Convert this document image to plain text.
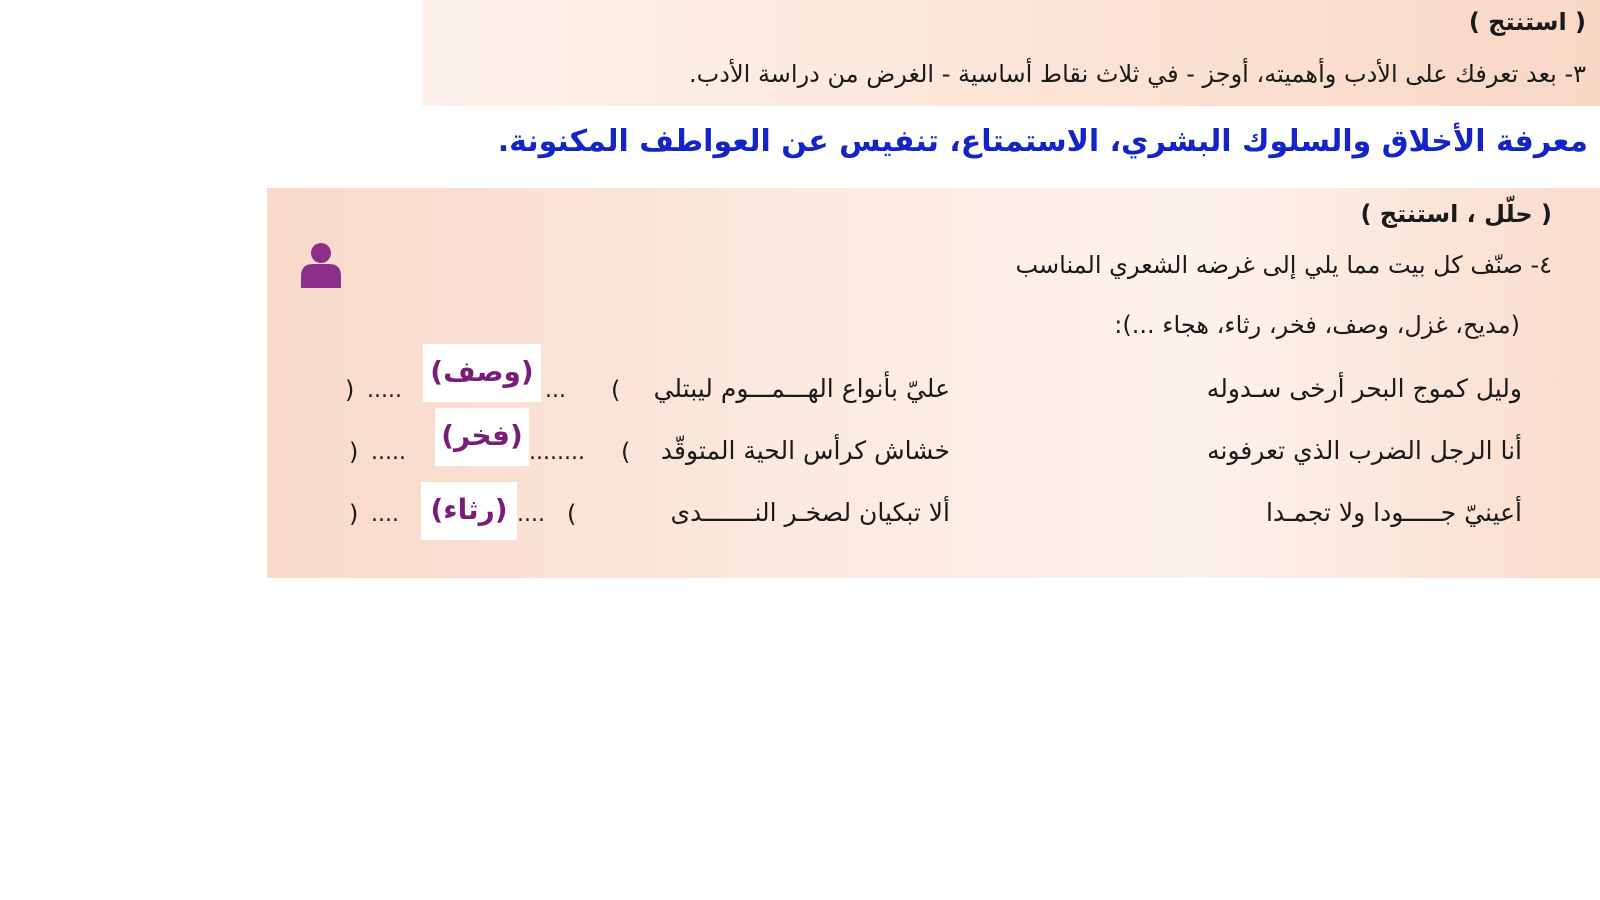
( استنتج )
٣- بعد تعرفك على الأدب وأهميته، أوجز - في ثلاث نقاط أساسية - الغرض من دراسة الأدب.
معرفة الأخلاق والسلوك البشري، الاستمتاع، تنفيس عن العواطف المكنونة.
( حلّل ، استنتج )
٤- صنّف كل بيت مما يلي إلى غرضه الشعري المناسب
(مديح، غزل، وصف، فخر، رثاء، هجاء ...):
وليل كموج البحر أرخى سـدوله
عليّ بأنواع الهـــمـــوم ليبتلي
(
...
(وصف)
.....
)
أنا الرجل الضرب الذي تعرفونه
خشاش كرأس الحية المتوقّد
(
........
(فخر)
.....
)
أعينيّ جـــــودا ولا تجمـدا
ألا تبكيان لصخـر النـــــــدى
(
....
(رثاء)
....
)
